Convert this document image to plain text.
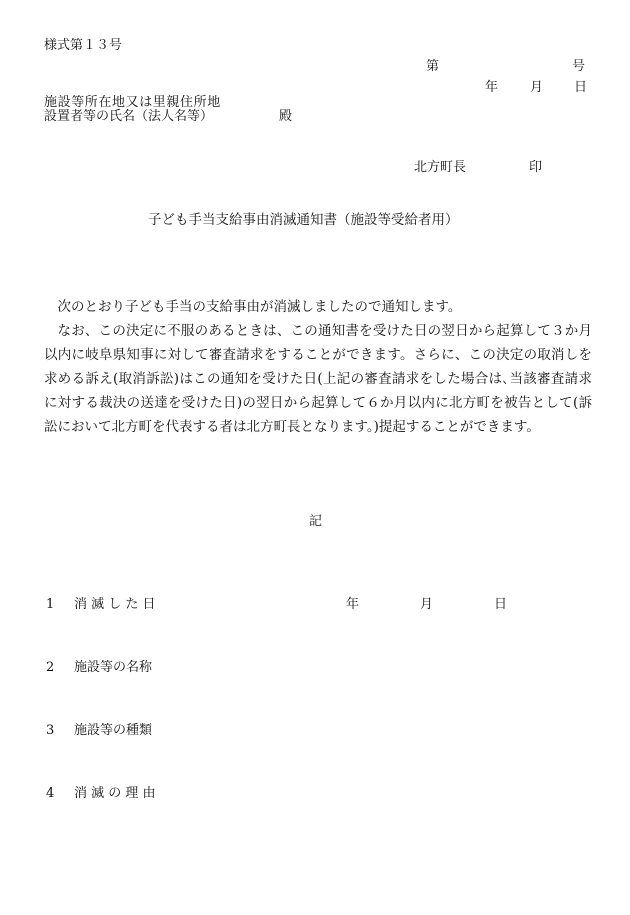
様式第１３号
第	号
年 月 日
施設等所在地又は里親住所地
設置者等の氏名（法人名等）	殿
北方町長	印
子ども手当支給事由消滅通知書（施設等受給者用）

次のとおり子ども手当の支給事由が消滅しましたので通知します。

なお、この決定に不服のあるときは、この通知書を受けた日の翌日から起算して３か月以内に岐阜県知事に対して審査請求をすることができます。さらに、この決定の取消しを求める訴え(取消訴訟)はこの通知を受けた日(上記の審査請求をした場合は､当該審査請求に対する裁決の送達を受けた日)の翌日から起算して６か月以内に北方町を被告として(訴訟において北方町を代表する者は北方町長となります。)提起することができます。

記
1 消 滅 し た 日	年	月	日
2 施設等の名称
3 施設等の種類
4 消 滅 の 理 由
